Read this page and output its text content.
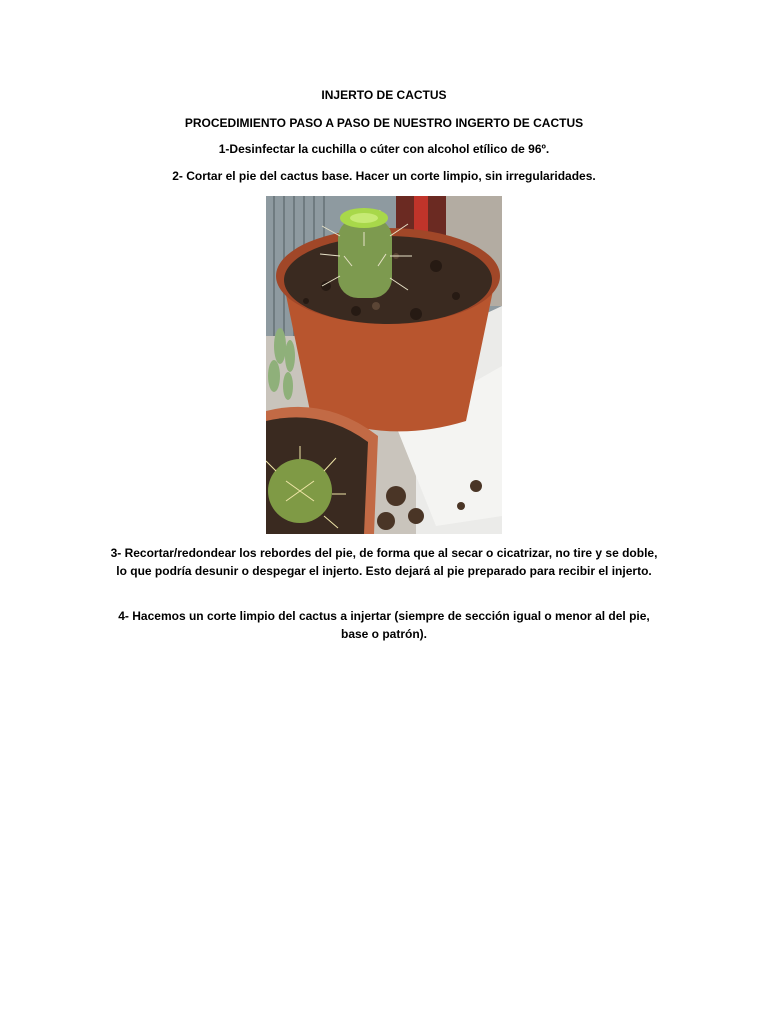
INJERTO DE CACTUS
PROCEDIMIENTO PASO A PASO DE NUESTRO INGERTO DE CACTUS
1-Desinfectar la cuchilla o cúter con alcohol etílico de 96º.
2- Cortar el pie del cactus base. Hacer un corte limpio, sin irregularidades.
3- Recortar/redondear los rebordes del pie, de forma que al secar o cicatrizar, no tire y se doble, lo que podría desunir o despegar el injerto. Esto dejará al pie preparado para recibir el injerto.
4- Hacemos un corte limpio del cactus a injertar (siempre de sección igual o menor al del pie, base o patrón).
